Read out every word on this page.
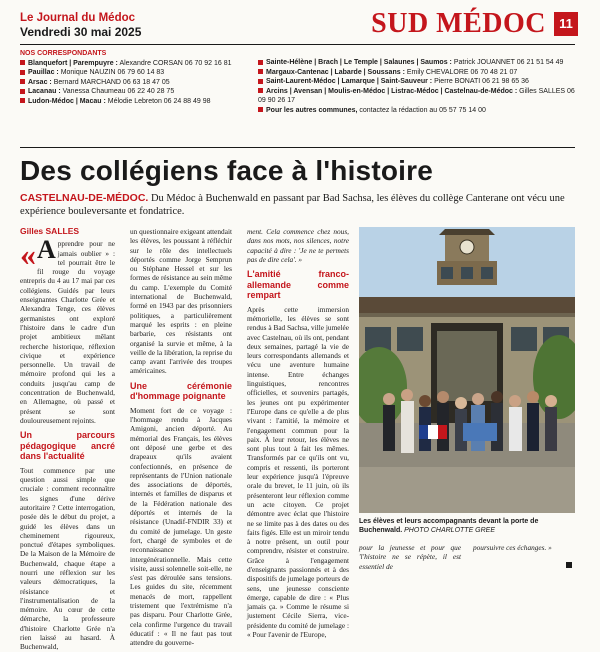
Le Journal du Médoc
Vendredi 30 mai 2025	SUD MÉDOC	11
NOS CORRESPONDANTS
Blanquefort | Parempuyre : Alexandre CORSAN 06 70 92 16 81
Pauillac : Monique NAUZIN 06 79 60 14 83
Arsac : Bernard MARCHAND 06 63 18 47 05
Lacanau : Vanessa Chaumeau 06 22 40 28 75
Ludon-Médoc | Macau : Mélodie Lebreton 06 24 88 49 98
Sainte-Hélène | Brach | Le Temple | Salaunes | Saumos : Patrick JOUANNET 06 21 51 54 49
Margaux-Cantenac | Labarde | Soussans : Emily CHEVALORE 06 70 48 21 07
Saint-Laurent-Médoc | Lamarque | Saint-Sauveur : Pierre BONATI 06 21 98 65 36
Arcins | Avensan | Moulis-en-Médoc | Listrac-Médoc | Castelnau-de-Médoc : Gilles SALLES 06 09 90 26 17
Pour les autres communes, contactez la rédaction au 05 57 75 14 00
Des collégiens face à l'histoire
CASTELNAU-DE-MÉDOC. Du Médoc à Buchenwald en passant par Bad Sachsa, les élèves du collège Canterane ont vécu une expérience bouleversante et fondatrice.
Gilles SALLES

« A pprendre pour ne jamais oublier » : tel pourrait être le fil rouge du voyage entrepris du 4 au 17 mai par ces collégiens. Guidés par leurs enseignantes Charlotte Grée et Alexandra Tenge, ces élèves germanistes ont exploré l'histoire dans le cadre d'un projet ambitieux mêlant recherche historique, réflexion civique et expérience personnelle. Un travail de mémoire profond qui les a conduits jusqu'au camp de concentration de Buchenwald, en Allemagne, où passé et présent se sont douloureusement rejoints.

Un parcours pédagogique ancré dans l'actualité

Tout commence par une question aussi simple que cruciale : comment reconnaître les signes d'une dérive autoritaire ? Cette interrogation, posée dès le début du projet, a guidé les élèves dans un cheminement rigoureux, ponctué d'étapes symboliques. De la Maison de la Mémoire de Buchenwald, chaque étape a nourri une réflexion sur les valeurs démocratiques, la résistance et l'instrumentalisation de la mémoire. Au cœur de cette démarche, la professeure d'histoire Charlotte Grée n'a rien laissé au hasard. À Buchenwald,

un questionnaire exigeant attendait les élèves, les poussant à réfléchir sur le rôle des intellectuels déportés comme Jorge Semprun ou Stéphane Hessel et sur les formes de résistance au sein même du camp. L'exemple du Comité international de Buchenwald, formé en 1943 par des prisonniers politiques, a particulièrement marqué les esprits : en pleine barbarie, ces résistants ont organisé la survie et même, à la veille de la libération, la reprise du camp avant l'arrivée des troupes américaines.

Une cérémonie d'hommage poignante

Moment fort de ce voyage : l'hommage rendu à Jacques Amigoni, ancien déporté. Au mémorial des Français, les élèves ont déposé une gerbe et des drapeaux qu'ils avaient confectionnés, en présence de représentants de l'Union nationale des associations de déportés, internés et familles de disparus et de la Fédération nationale des déportés et internés de la résistance (Unadif-FNDIR 33) et du comité de jumelage. Un geste fort, chargé de symboles et de reconnaissance intergénérationnelle. Mais cette visite, aussi solennelle soit-elle, ne s'est pas déroulée sans tensions. Les guides du site, récemment menacés de mort, rappellent tristement que l'extrémisme n'a pas disparu. Pour Charlotte Grée, cela confirme l'urgence du travail éducatif : « Il ne faut pas tout attendre du gouverne-

ment. Cela commence chez nous, dans nos mots, nos silences, notre capacité à dire : 'Je ne te permets pas de dire cela'. »

L'amitié franco-allemande comme rempart

Après cette immersion mémorielle, les élèves se sont rendus à Bad Sachsa, ville jumelée avec Castelnau, où ils ont, pendant deux semaines, partagé la vie de leurs correspondants allemands et vécu une aventure humaine intense. Entre échanges linguistiques, rencontres officielles, et souvenirs partagés, les jeunes ont pu expérimenter l'Europe dans ce qu'elle a de plus vivant : l'amitié, la mémoire et l'engagement commun pour la paix. À leur retour, les élèves ne sont plus tout à fait les mêmes. Transformés par ce qu'ils ont vu, compris et ressenti, ils porteront leur expérience jusqu'à l'épreuve orale du brevet, le 11 juin, où ils présenteront leur réflexion comme un acte citoyen. Ce projet démontre avec éclat que l'histoire ne se limite pas à des dates ou des faits figés. Elle est un miroir tendu à notre présent, un outil pour comprendre, résister et construire. Grâce à l'engagement d'enseignants passionnés et à des dispositifs de jumelage porteurs de sens, une jeunesse consciente émerge, capable de dire : « Plus jamais ça. » Comme le résume si justement Cécile Sierra, vice-présidente du comité de jumelage : « Pour l'avenir de l'Europe,

Les élèves et leurs accompagnants devant la porte de Buchenwald. PHOTO CHARLOTTE GREE
pour la jeunesse et pour que 'l'histoire ne se répète, il est essentiel de
poursuivre ces échanges. »
